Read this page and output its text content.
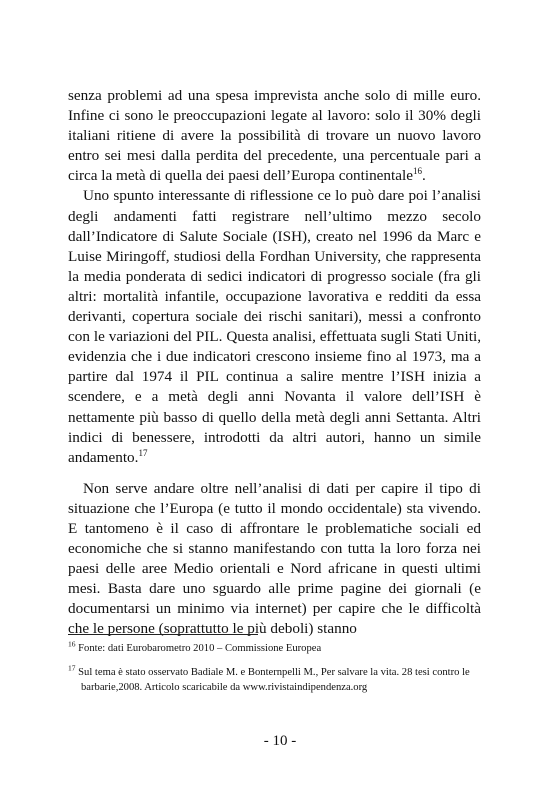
senza problemi ad una spesa imprevista anche solo di mille euro. Infine ci sono le preoccupazioni legate al lavoro: solo il 30% degli italiani ritiene di avere la possibilità di trovare un nuovo lavoro entro sei mesi dalla perdita del precedente, una percentuale pari a circa la metà di quella dei paesi dell’Europa continentale$^{16}$.

Uno spunto interessante di riflessione ce lo può dare poi l’analisi degli andamenti fatti registrare nell’ultimo mezzo secolo dall’Indicatore di Salute Sociale (ISH), creato nel 1996 da Marc e Luise Miringoff, studiosi della Fordhan University, che rappresenta la media ponderata di sedici indicatori di progresso sociale (fra gli altri: mortalità infantile, occupazione lavorativa e redditi da essa derivanti, copertura sociale dei rischi sanitari), messi a confronto con le variazioni del PIL. Questa analisi, effettuata sugli Stati Uniti, evidenzia che i due indicatori crescono insieme fino al 1973, ma a partire dal 1974 il PIL continua a salire mentre l’ISH inizia a scendere, e a metà degli anni Novanta il valore dell’ISH è nettamente più basso di quello della metà degli anni Settanta. Altri indici di benessere, introdotti da altri autori, hanno un simile andamento.$^{17}$

Non serve andare oltre nell’analisi di dati per capire il tipo di situazione che l’Europa (e tutto il mondo occidentale) sta vivendo. E tantomeno è il caso di affrontare le problematiche sociali ed economiche che si stanno manifestando con tutta la loro forza nei paesi delle aree Medio orientali e Nord africane in questi ultimi mesi. Basta dare uno sguardo alle prime pagine dei giornali (e documentarsi un minimo via internet) per capire che le difficoltà che le persone (soprattutto le più deboli) stanno

$^{16}$ Fonte: dati Eurobarometro 2010 – Commissione Europea

$^{17}$ Sul tema è stato osservato Badiale M. e Bonternpelli M., Per salvare la vita. 28 tesi contro le barbarie,2008. Articolo scaricabile da www.rivistaindipendenza.org

- 10 -
